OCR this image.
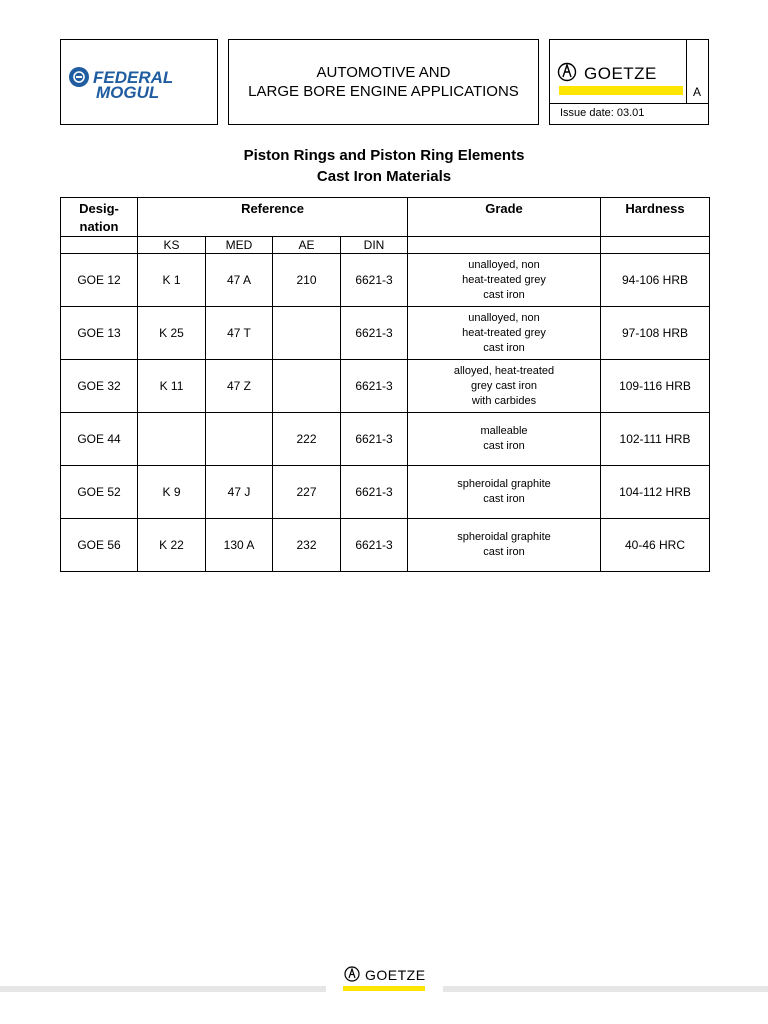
FEDERAL
MOGUL
AUTOMOTIVE AND
LARGE BORE ENGINE APPLICATIONS
GOETZE
A
Issue date: 03.01
Piston Rings and Piston Ring Elements
Cast Iron Materials
Desig-
nation	Reference				Grade	Hardness
	KS	MED	AE	DIN		
GOE 12	K 1	47 A	210	6621-3	unalloyed, non
heat-treated grey
cast iron	94-106 HRB
GOE 13	K 25	47 T		6621-3	unalloyed, non
heat-treated grey
cast iron	97-108 HRB
GOE 32	K 11	47 Z		6621-3	alloyed, heat-treated
grey cast iron
with carbides	109-116 HRB
GOE 44			222	6621-3	malleable
cast iron	102-111 HRB
GOE 52	K 9	47 J	227	6621-3	spheroidal graphite
cast iron	104-112 HRB
GOE 56	K 22	130 A	232	6621-3	spheroidal graphite
cast iron	40-46 HRC
GOETZE
